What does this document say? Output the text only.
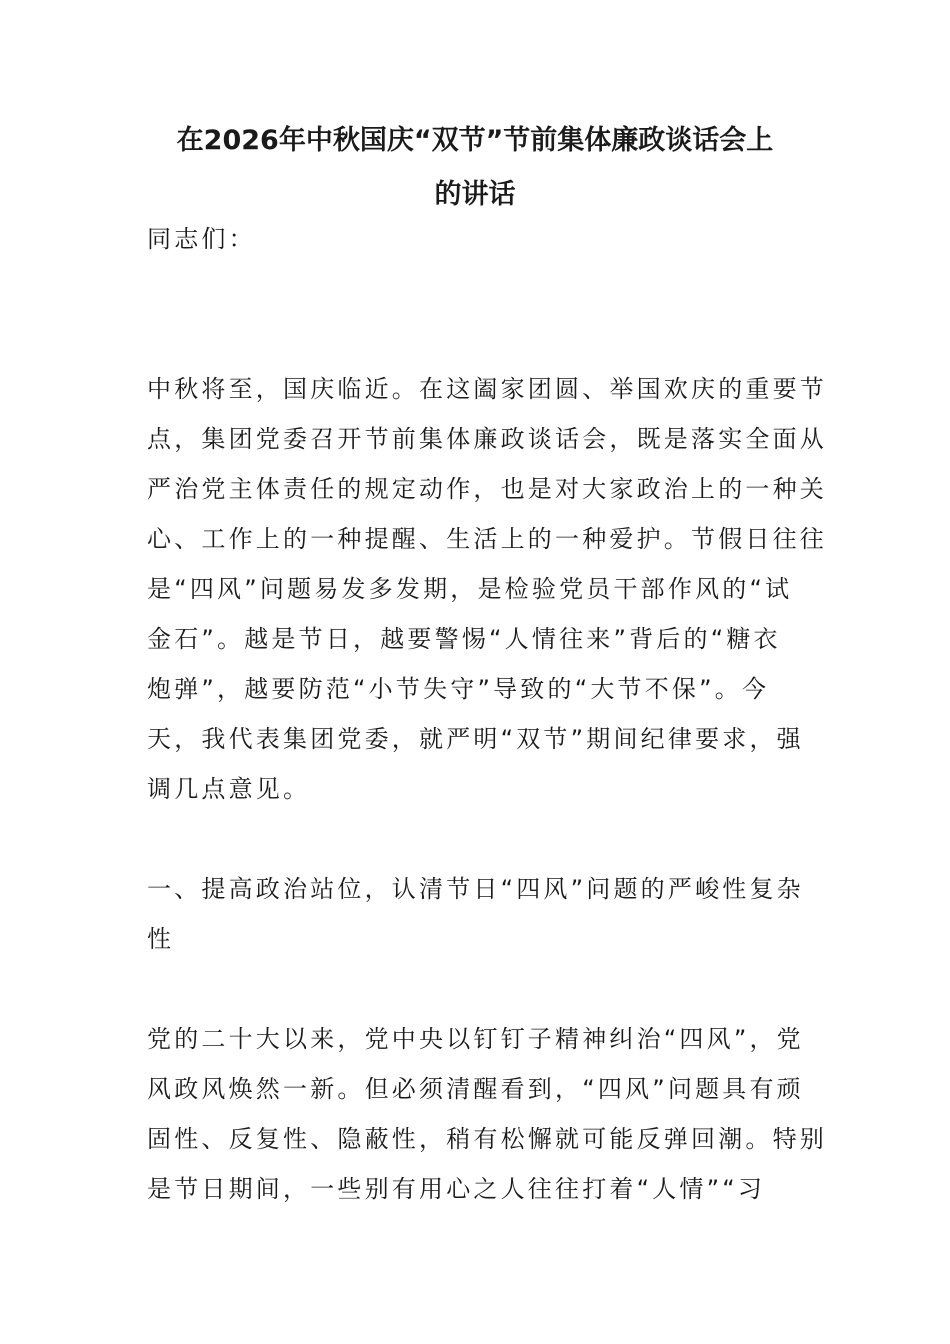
在2026年中秋国庆“双节”节前集体廉政谈话会上
的讲话

同志们：

中秋将至，国庆临近。在这阖家团圆、举国欢庆的重要节
点，集团党委召开节前集体廉政谈话会，既是落实全面从
严治党主体责任的规定动作，也是对大家政治上的一种关
心、工作上的一种提醒、生活上的一种爱护。节假日往往
是“四风”问题易发多发期，是检验党员干部作风的“试
金石”。越是节日，越要警惕“人情往来”背后的“糖衣
炮弹”，越要防范“小节失守”导致的“大节不保”。今
天，我代表集团党委，就严明“双节”期间纪律要求，强
调几点意见。

一、提高政治站位，认清节日“四风”问题的严峻性复杂
性

党的二十大以来，党中央以钉钉子精神纠治“四风”，党
风政风焕然一新。但必须清醒看到，“四风”问题具有顽
固性、反复性、隐蔽性，稍有松懈就可能反弹回潮。特别
是节日期间，一些别有用心之人往往打着“人情”“习
